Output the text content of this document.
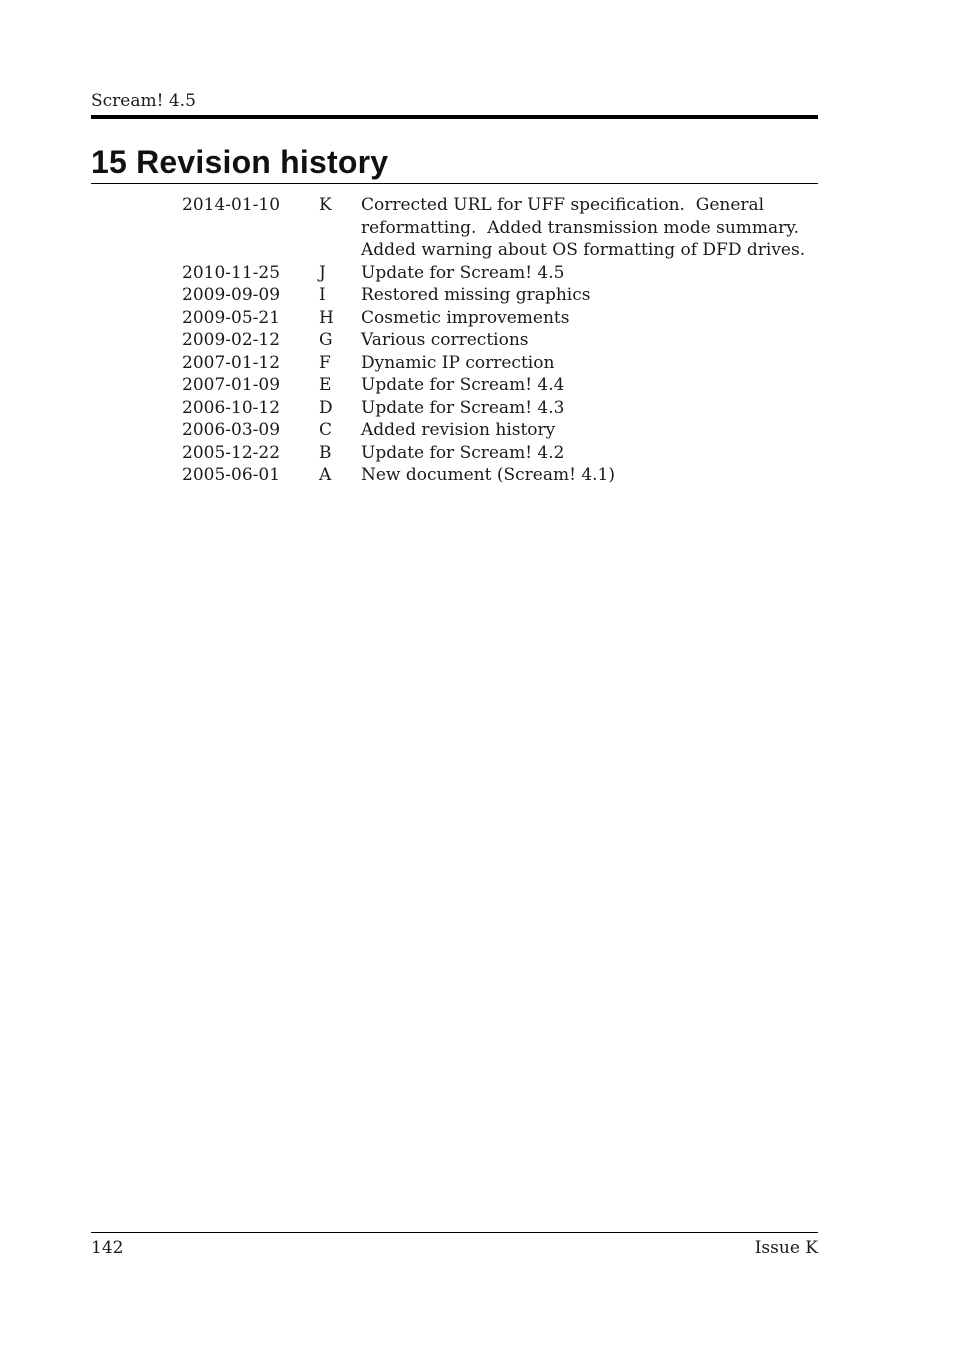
Scream! 4.5
15 Revision history
2014-01-10	K	Corrected URL for UFF specification.  General
reformatting.  Added transmission mode summary.
Added warning about OS formatting of DFD drives.

2010-11-25	J	Update for Scream! 4.5

2009-09-09	I	Restored missing graphics

2009-05-21	H	Cosmetic improvements

2009-02-12	G	Various corrections

2007-01-12	F	Dynamic IP correction

2007-01-09	E	Update for Scream! 4.4

2006-10-12	D	Update for Scream! 4.3

2006-03-09	C	Added revision history

2005-12-22	B	Update for Scream! 4.2

2005-06-01	A	New document (Scream! 4.1)
142	Issue K
